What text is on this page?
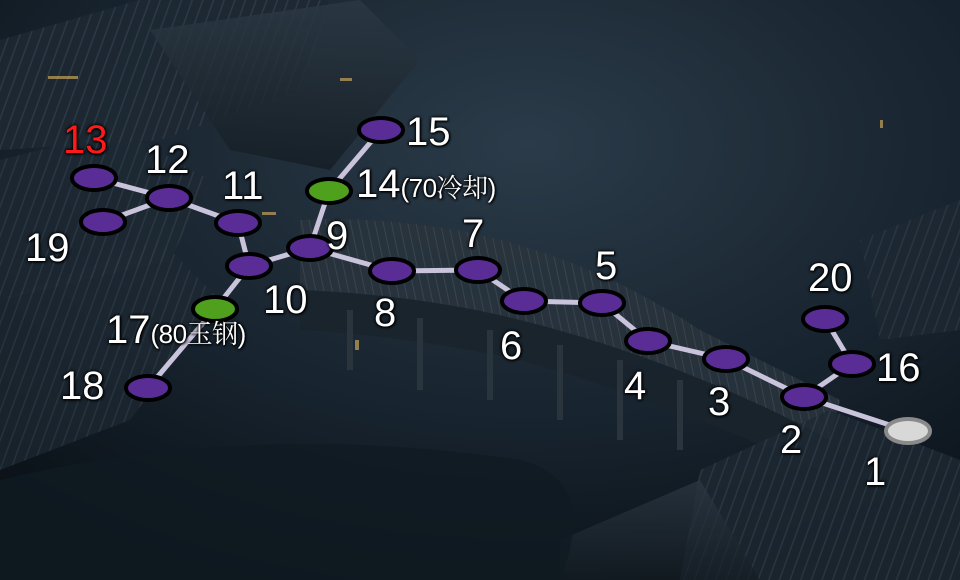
1
2
3
4
5
6
7
8
9
10
11
12
13
14(70冷却)
15
16
17(80玉钢)
18
19
20
